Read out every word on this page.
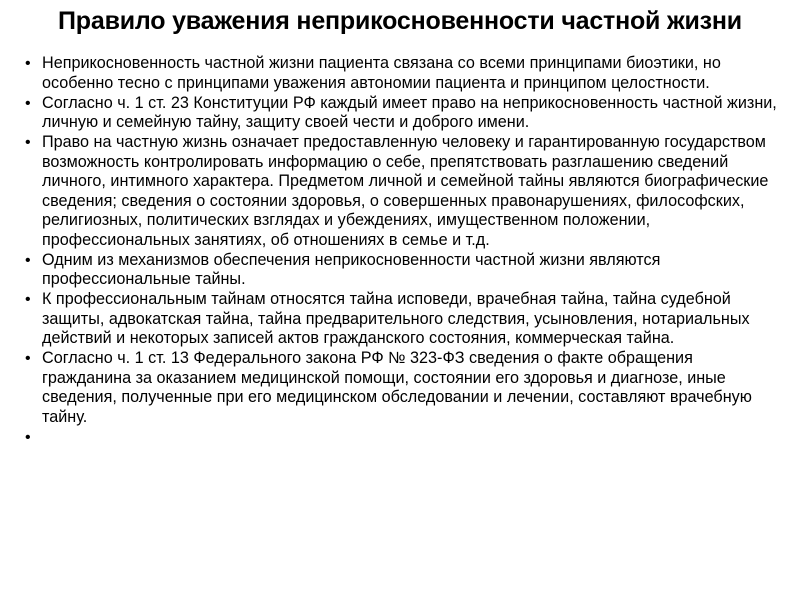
Правило уважения неприкосновенности частной жизни
• Неприкосновенность частной жизни пациента связана со всеми принципами биоэтики, но особенно тесно с принципами уважения автономии пациента и принципом целостности.
• Согласно ч. 1 ст. 23 Конституции РФ каждый имеет право на неприкосновенность частной жизни, личную и семейную тайну, защиту своей чести и доброго имени.
• Право на частную жизнь означает предоставленную человеку и гарантированную государством возможность контролировать информацию о себе, препятствовать разглашению сведений личного, интимного характера. Предметом личной и семейной тайны являются биографические сведения; сведения о состоянии здоровья, о совершенных правонарушениях, философских, религиозных, политических взглядах и убеждениях, имущественном положении, профессиональных занятиях, об отношениях в семье и т.д.
• Одним из механизмов обеспечения неприкосновенности частной жизни являются профессиональные тайны.
• К профессиональным тайнам относятся тайна исповеди, врачебная тайна, тайна судебной защиты, адвокатская тайна, тайна предварительного следствия, усыновления, нотариальных действий и некоторых записей актов гражданского состояния, коммерческая тайна.
• Согласно ч. 1 ст. 13 Федерального закона РФ № 323-ФЗ сведения о факте обращения гражданина за оказанием медицинской помощи, состоянии его здоровья и диагнозе, иные сведения, полученные при его медицинском обследовании и лечении, составляют врачебную тайну.
•
